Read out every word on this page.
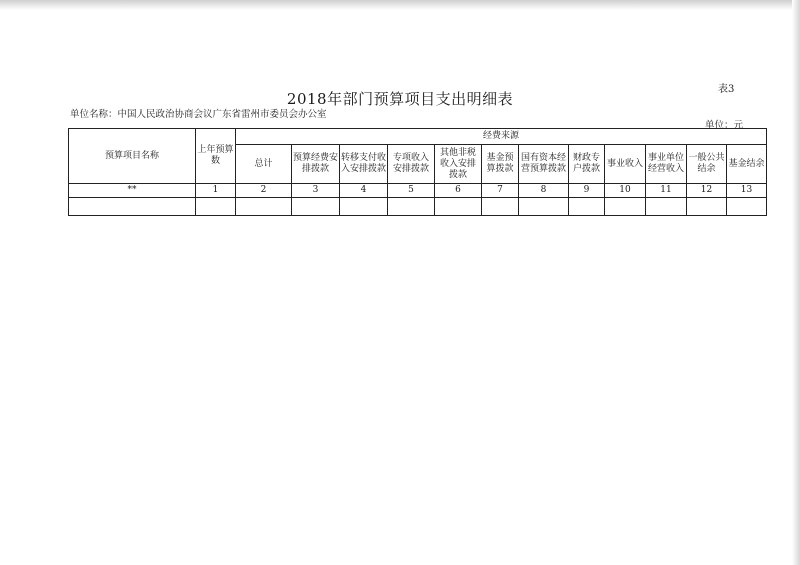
表3
2018年部门预算项目支出明细表
单位名称：中国人民政治协商会议广东省雷州市委员会办公室
单位：元
预算项目名称	上年预算数	经费来源											
		总计	预算经费安排拨款	转移支付收入安排拨款	专项收入安排拨款	其他非税收入安排拨款	基金预算拨款	国有资本经营预算拨款	财政专户拨款	事业收入	事业单位经营收入	一般公共结余	基金结余
**	1	2	3	4	5	6	7	8	9	10	11	12	13
